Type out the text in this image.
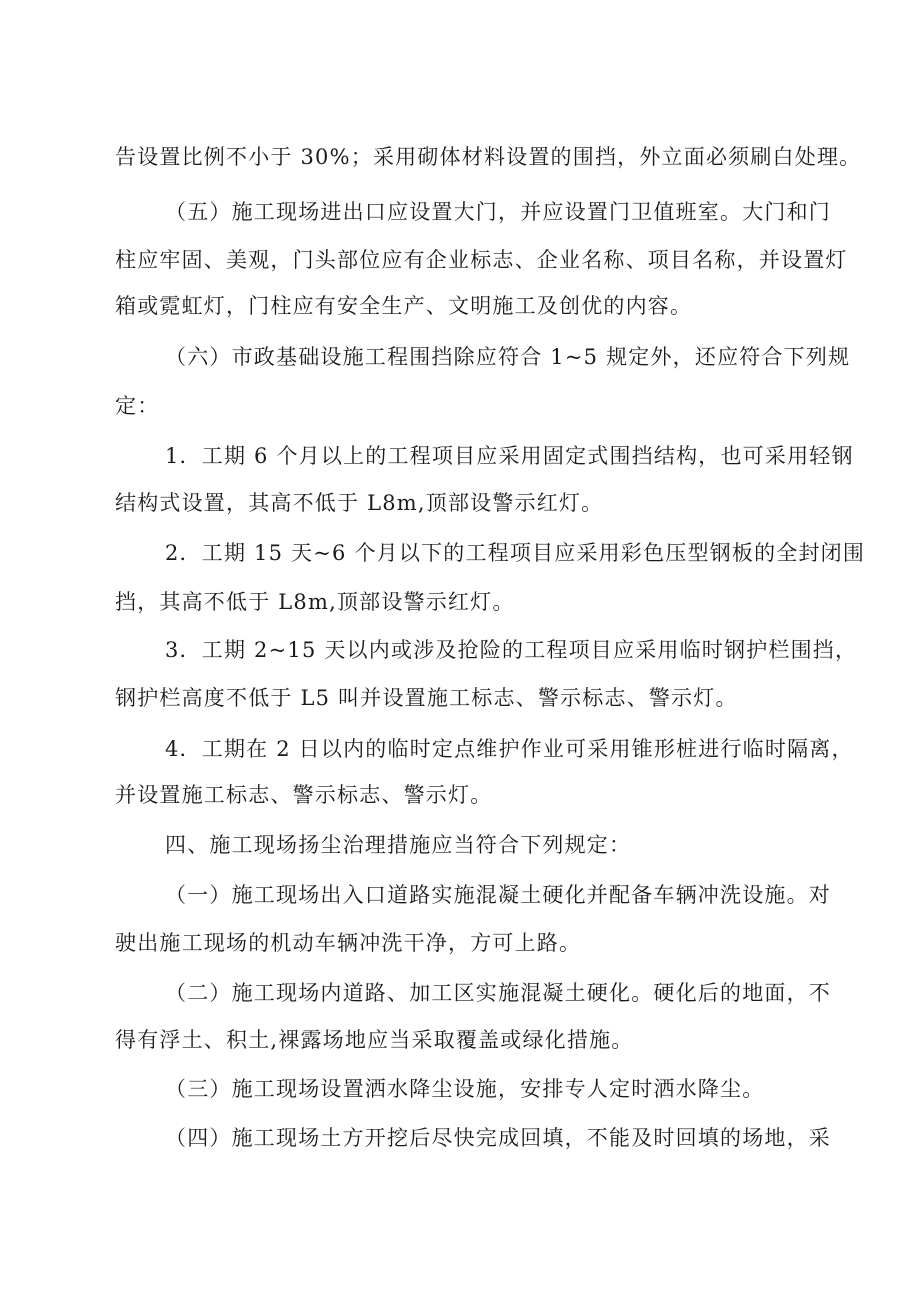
告设置比例不小于 30%；采用砌体材料设置的围挡，外立面必须刷白处理。
（五）施工现场进出口应设置大门，并应设置门卫值班室。大门和门
柱应牢固、美观，门头部位应有企业标志、企业名称、项目名称，并设置灯
箱或霓虹灯，门柱应有安全生产、文明施工及创优的内容。
（六）市政基础设施工程围挡除应符合 1~5 规定外，还应符合下列规
定：
1．工期 6 个月以上的工程项目应采用固定式围挡结构，也可采用轻钢
结构式设置，其高不低于 L8m,顶部设警示红灯。
2．工期 15 天~6 个月以下的工程项目应采用彩色压型钢板的全封闭围
挡，其高不低于 L8m,顶部设警示红灯。
3．工期 2~15 天以内或涉及抢险的工程项目应采用临时钢护栏围挡，
钢护栏高度不低于 L5 叫并设置施工标志、警示标志、警示灯。
4．工期在 2 日以内的临时定点维护作业可采用锥形桩进行临时隔离，
并设置施工标志、警示标志、警示灯。
四、施工现场扬尘治理措施应当符合下列规定：
（一）施工现场出入口道路实施混凝土硬化并配备车辆冲洗设施。对
驶出施工现场的机动车辆冲洗干净，方可上路。
（二）施工现场内道路、加工区实施混凝土硬化。硬化后的地面，不
得有浮土、积土,裸露场地应当采取覆盖或绿化措施。
（三）施工现场设置洒水降尘设施，安排专人定时洒水降尘。
（四）施工现场土方开挖后尽快完成回填，不能及时回填的场地，采
